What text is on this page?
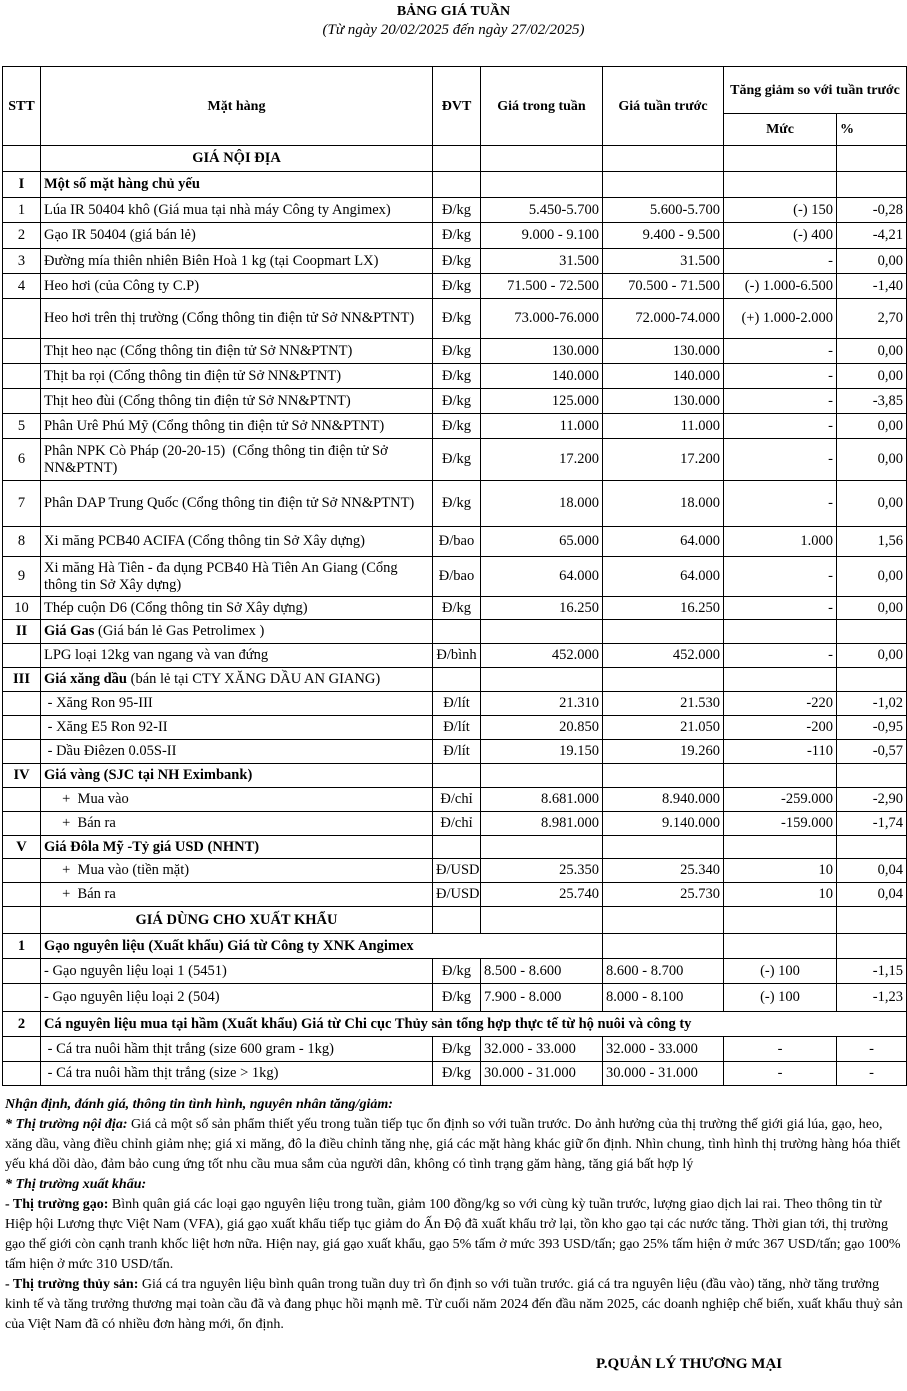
BẢNG GIÁ TUẦN
(Từ ngày 20/02/2025 đến ngày 27/02/2025)
STT	Mặt hàng	ĐVT	Giá trong tuần	Giá tuần trước	Tăng giảm so với tuần trước	
					Mức	%
	GIÁ NỘI ĐỊA					
I	Một số mặt hàng chủ yếu					
1	Lúa IR 50404 khô (Giá mua tại nhà máy Công ty Angimex)	Đ/kg	5.450-5.700	5.600-5.700	(-) 150	-0,28
2	Gạo IR 50404 (giá bán lẻ)	Đ/kg	9.000 - 9.100	9.400 - 9.500	(-) 400	-4,21
3	Đường mía thiên nhiên Biên Hoà 1 kg (tại Coopmart LX)	Đ/kg	31.500	31.500	-	0,00
4	Heo hơi (của Công ty C.P)	Đ/kg	71.500 - 72.500	70.500 - 71.500	(-) 1.000-6.500	-1,40
	Heo hơi trên thị trường (Cổng thông tin điện tử Sở NN&PTNT)	Đ/kg	73.000-76.000	72.000-74.000	(+) 1.000-2.000	2,70
	Thịt heo nạc (Cổng thông tin điện tử Sở NN&PTNT)	Đ/kg	130.000	130.000	-	0,00
	Thịt ba rọi (Cổng thông tin điện tử Sở NN&PTNT)	Đ/kg	140.000	140.000	-	0,00
	Thịt heo đùi (Cổng thông tin điện tử Sở NN&PTNT)	Đ/kg	125.000	130.000	-	-3,85
5	Phân Urê Phú Mỹ (Cổng thông tin điện tử Sở NN&PTNT)	Đ/kg	11.000	11.000	-	0,00
6	Phân NPK Cò Pháp (20-20-15)  (Cổng thông tin điện tử Sở NN&PTNT)	Đ/kg	17.200	17.200	-	0,00
7	Phân DAP Trung Quốc (Cổng thông tin điện tử Sở NN&PTNT)	Đ/kg	18.000	18.000	-	0,00
8	Xi măng PCB40 ACIFA (Cổng thông tin Sở Xây dựng)	Đ/bao	65.000	64.000	1.000	1,56
9	Xi măng Hà Tiên - đa dụng PCB40 Hà Tiên An Giang (Cổng thông tin Sở Xây dựng)	Đ/bao	64.000	64.000	-	0,00
10	Thép cuộn D6 (Cổng thông tin Sở Xây dựng)	Đ/kg	16.250	16.250	-	0,00
II	Giá Gas (Giá bán lẻ Gas Petrolimex )					
	LPG loại 12kg van ngang và van đứng	Đ/bình	452.000	452.000	-	0,00
III	Giá xăng dầu (bán lẻ tại CTY XĂNG DẦU AN GIANG)					
	- Xăng Ron 95-III	Đ/lít	21.310	21.530	-220	-1,02
	- Xăng E5 Ron 92-II	Đ/lít	20.850	21.050	-200	-0,95
	- Dầu Điêzen 0.05S-II	Đ/lít	19.150	19.260	-110	-0,57
IV	Giá vàng (SJC tại NH Eximbank)					
	+  Mua vào	Đ/chỉ	8.681.000	8.940.000	-259.000	-2,90
	+  Bán ra	Đ/chỉ	8.981.000	9.140.000	-159.000	-1,74
V	Giá Đôla Mỹ -Tỷ giá USD (NHNT)					
	+  Mua vào (tiền mặt)	Đ/USD	25.350	25.340	10	0,04
	+  Bán ra	Đ/USD	25.740	25.730	10	0,04
	GIÁ DÙNG CHO XUẤT KHẨU					
1	Gạo nguyên liệu (Xuất khẩu) Giá từ Công ty XNK Angimex					
	- Gạo nguyên liệu loại 1 (5451)	Đ/kg	8.500 - 8.600	8.600 - 8.700	(-) 100	-1,15
	- Gạo nguyên liệu loại 2 (504)	Đ/kg	7.900 - 8.000	8.000 - 8.100	(-) 100	-1,23
2	Cá nguyên liệu mua tại hầm (Xuất khẩu) Giá từ Chi cục Thủy sản tổng hợp thực tế từ hộ nuôi và công ty					
	- Cá tra nuôi hầm thịt trắng (size 600 gram - 1kg)	Đ/kg	32.000 - 33.000	32.000 - 33.000	-	-
	- Cá tra nuôi hầm thịt trắng (size > 1kg)	Đ/kg	30.000 - 31.000	30.000 - 31.000	-	-

Nhận định, đánh giá, thông tin tình hình, nguyên nhân tăng/giảm:

* Thị trường nội địa: Giá cả một số sản phẩm thiết yếu trong tuần tiếp tục ổn định so với tuần trước. Do ảnh hưởng của thị trường thế giới giá lúa, gạo, heo, xăng dầu, vàng điều chỉnh giảm nhẹ; giá xi măng, đô la điều chỉnh tăng nhẹ, giá các mặt hàng khác giữ ổn định. Nhìn chung, tình hình thị trường hàng hóa thiết yếu khá dồi dào, đảm bảo cung ứng tốt nhu cầu mua sắm của người dân, không có tình trạng găm hàng, tăng giá bất hợp lý

* Thị trường xuất khẩu:

- Thị trường gạo: Bình quân giá các loại gạo nguyên liệu trong tuần, giảm 100 đồng/kg so với cùng kỳ tuần trước, lượng giao dịch lai rai. Theo thông tin từ Hiệp hội Lương thực Việt Nam (VFA), giá gạo xuất khẩu tiếp tục giảm do Ấn Độ đã xuất khẩu trở lại, tồn kho gạo tại các nước tăng. Thời gian tới, thị trường gạo thế giới còn cạnh tranh khốc liệt hơn nữa. Hiện nay, giá gạo xuất khẩu, gạo 5% tấm ở mức 393 USD/tấn; gạo 25% tấm hiện ở mức 367 USD/tấn; gạo 100% tấm hiện ở mức 310 USD/tấn.

- Thị trường thủy sản: Giá cá tra nguyên liệu bình quân trong tuần duy trì ổn định so với tuần trước. giá cá tra nguyên liệu (đầu vào) tăng, nhờ tăng trưởng kinh tế và tăng trưởng thương mại toàn cầu đã và đang phục hồi mạnh mẽ. Từ cuối năm 2024 đến đầu năm 2025, các doanh nghiệp chế biến, xuất khẩu thuỷ sản của Việt Nam đã có nhiều đơn hàng mới, ổn định.

P.QUẢN LÝ THƯƠNG MẠI
